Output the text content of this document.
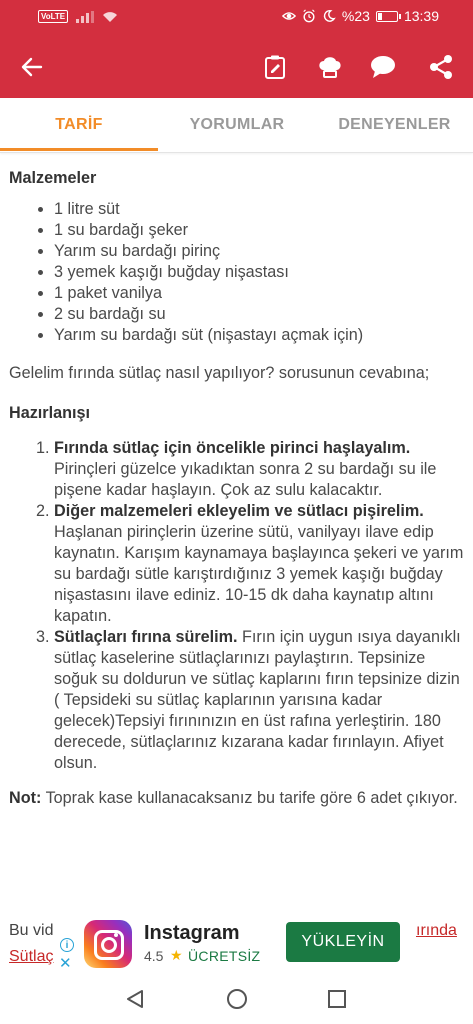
VoLTE	%23 13:39
TARİF	YORUMLAR	DENEYENLER

Malzemeler

• 1 litre süt
• 1 su bardağı şeker
• Yarım su bardağı pirinç
• 3 yemek kaşığı buğday nişastası
• 1 paket vanilya
• 2 su bardağı su
• Yarım su bardağı süt (nişastayı açmak için)

Gelelim fırında sütlaç nasıl yapılıyor? sorusunun cevabına;

Hazırlanışı

1. Fırında sütlaç için öncelikle pirinci haşlayalım.
Pirinçleri güzelce yıkadıktan sonra 2 su bardağı su ile pişene kadar haşlayın. Çok az sulu kalacaktır.
2. Diğer malzemeleri ekleyelim ve sütlacı pişirelim.
Haşlanan pirinçlerin üzerine sütü, vanilyayı ilave edip kaynatın. Karışım kaynamaya başlayınca şekeri ve yarım su bardağı sütle karıştırdığınız 3 yemek kaşığı buğday nişastasını ilave ediniz. 10-15 dk daha kaynatıp altını kapatın.
3. Sütlaçları fırına sürelim. Fırın için uygun ısıya dayanıklı sütlaç kaselerine sütlaçlarınızı paylaştırın. Tepsinize soğuk su doldurun ve sütlaç kaplarını fırın tepsinize dizin ( Tepsideki su sütlaç kaplarının yarısına kadar gelecek)Tepsiyi fırınınızın en üst rafına yerleştirin. 180 derecede, sütlaçlarınız kızarana kadar fırınlayın. Afiyet olsun.

Not: Toprak kase kullanacaksanız bu tarife göre 6 adet çıkıyor.

Bu vid
Sütlaç
ırında
i
✕
Instagram
4.5 ★ ÜCRETSİZ
YÜKLEYİN
